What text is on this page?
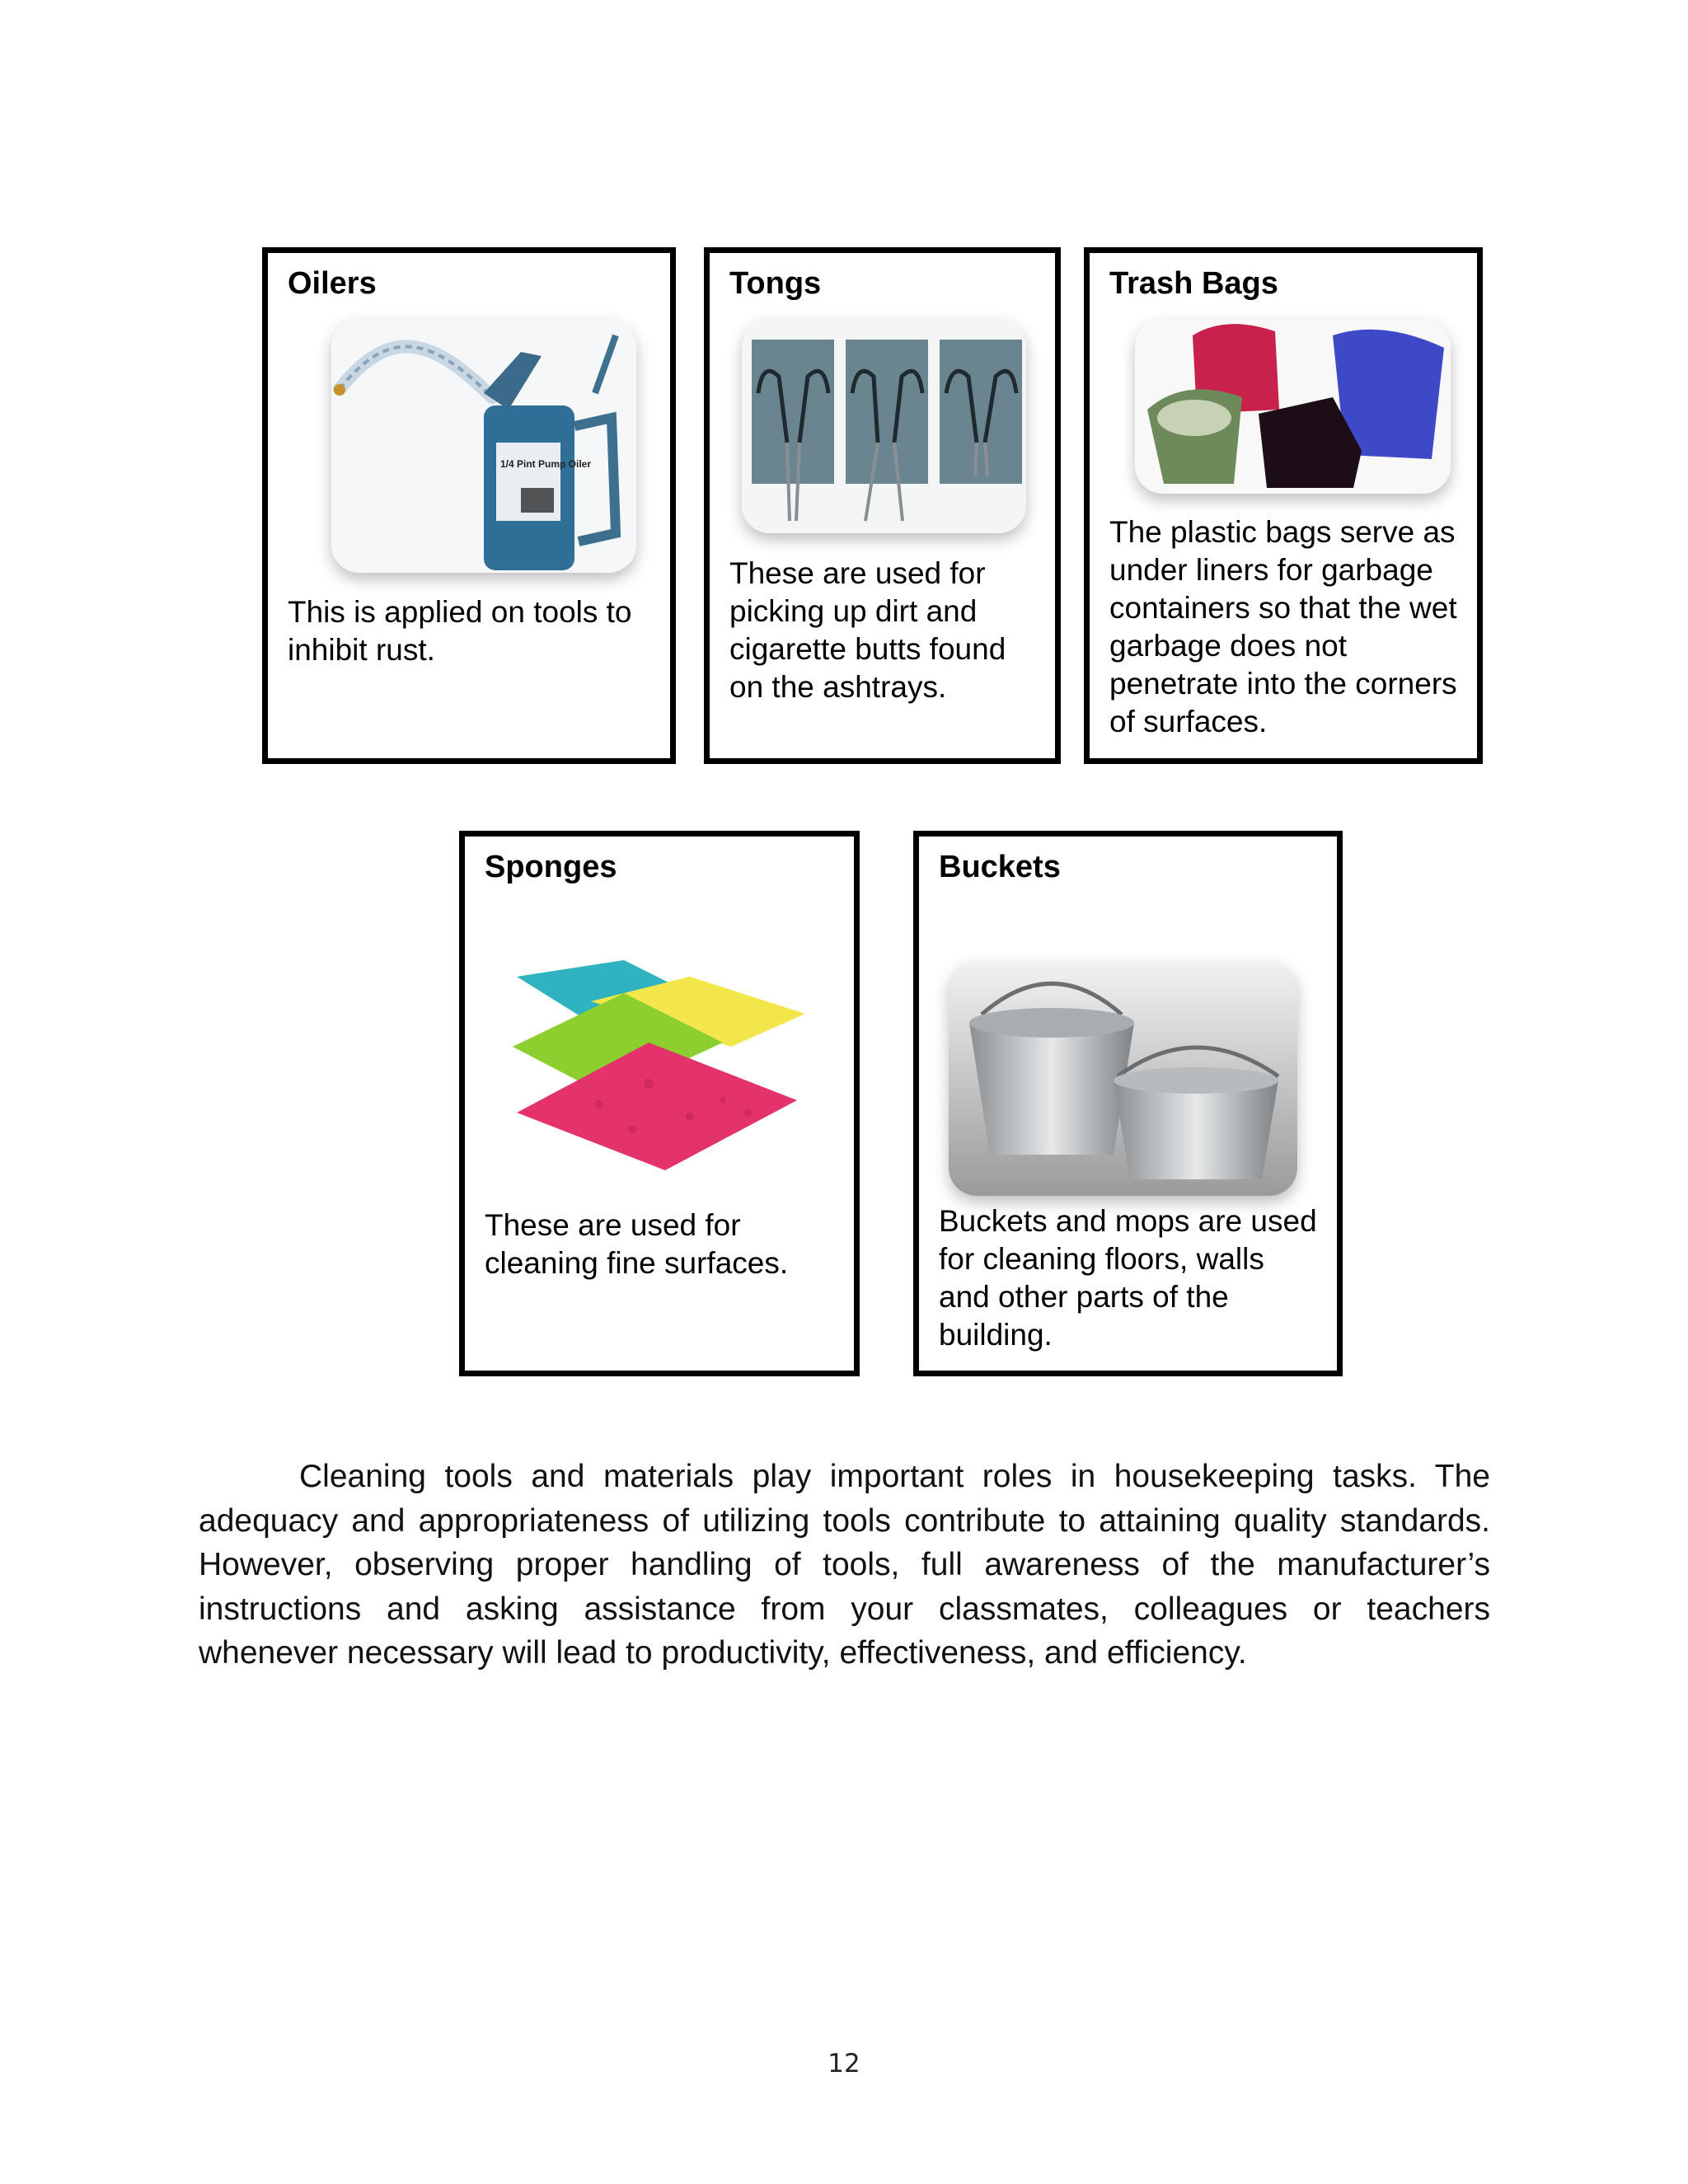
Oilers
1/4 Pint Pump Oiler

This is applied on tools to inhibit rust.

Tongs

These are used for picking up dirt and cigarette butts found on the ashtrays.

Trash Bags

The plastic bags serve as under liners for garbage containers so that the wet garbage does not penetrate into the corners of surfaces.

Sponges

These are used for cleaning fine surfaces.

Buckets

Buckets and mops are used for cleaning floors, walls and other parts of the building.

Cleaning tools and materials play important roles in housekeeping tasks. The adequacy and appropriateness of utilizing tools contribute to attaining quality standards. However, observing proper handling of tools, full awareness of the manufacturer’s instructions and asking assistance from your classmates, colleagues or teachers whenever necessary will lead to productivity, effectiveness, and efficiency.

12
